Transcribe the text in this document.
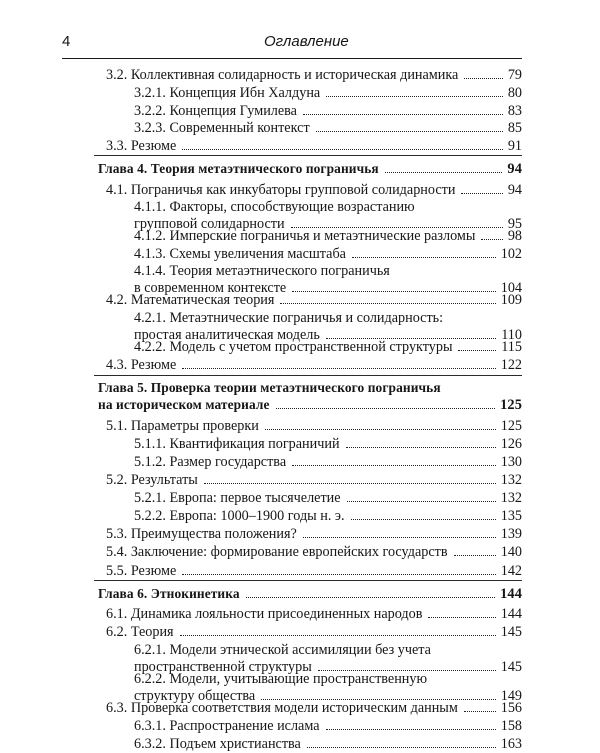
4	Оглавление
3.2. Коллективная солидарность и историческая динамика	79
3.2.1. Концепция Ибн Халдуна	80
3.2.2. Концепция Гумилева	83
3.2.3. Современный контекст	85
3.3. Резюме	91
Глава 4. Теория метаэтнического пограничья	94
4.1. Пограничья как инкубаторы групповой солидарности	94
4.1.1. Факторы, способствующие возрастанию
групповой солидарности	95
4.1.2. Имперские пограничья и метаэтнические разломы 98
4.1.3. Схемы увеличения масштаба	102
4.1.4. Теория метаэтнического пограничья
в современном контексте	104
4.2. Математическая теория	109
4.2.1. Метаэтнические пограничья и солидарность:
простая аналитическая модель	110
4.2.2. Модель с учетом пространственной структуры	115
4.3. Резюме	122
Глава 5. Проверка теории метаэтнического пограничья
на историческом материале	125
5.1. Параметры проверки	125
5.1.1. Квантификация пограничий	126
5.1.2. Размер государства	130
5.2. Результаты	132
5.2.1. Европа: первое тысячелетие	132
5.2.2. Европа: 1000–1900 годы н. э.	135
5.3. Преимущества положения?	139
5.4. Заключение: формирование европейских государств	140
5.5. Резюме	142
Глава 6. Этнокинетика	144
6.1. Динамика лояльности присоединенных народов	144
6.2. Теория	145
6.2.1. Модели этнической ассимиляции без учета
пространственной структуры	145
6.2.2. Модели, учитывающие пространственную
структуру общества	149
6.3. Проверка соответствия модели историческим данным	156
6.3.1. Распространение ислама	158
6.3.2. Подъем христианства	163
